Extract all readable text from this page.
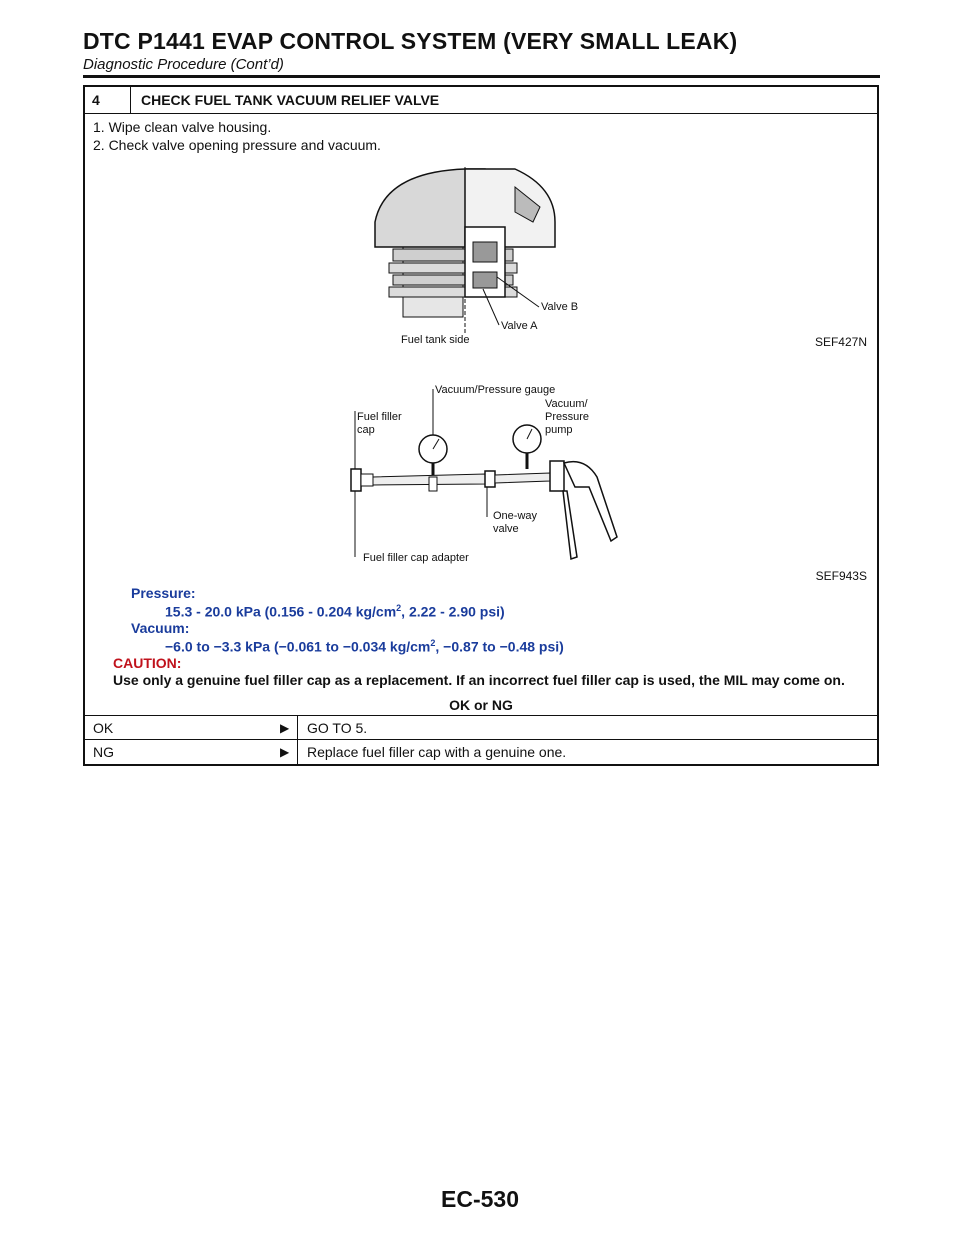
DTC P1441 EVAP CONTROL SYSTEM (VERY SMALL LEAK)
Diagnostic Procedure (Cont’d)
4	CHECK FUEL TANK VACUUM RELIEF VALVE
1. Wipe clean valve housing.
2. Check valve opening pressure and vacuum.
Valve B
Valve A
Fuel tank side	SEF427N
Vacuum/Pressure gauge
Vacuum/
Pressure
pump
Fuel filler
cap
One-way
valve
Fuel filler cap adapter
SEF943S
Pressure:
15.3 - 20.0 kPa (0.156 - 0.204 $kg/cm^2$, 2.22 - 2.90 psi)
Vacuum:
−6.0 to −3.3 kPa (−0.061 to −0.034 $kg/cm^2$, −0.87 to −0.48 psi)
CAUTION:
Use only a genuine fuel filler cap as a replacement. If an incorrect fuel filler cap is used, the MIL may come on.
OK or NG
OK	▶ GO TO 5.
NG	▶ Replace fuel filler cap with a genuine one.
EC-530
